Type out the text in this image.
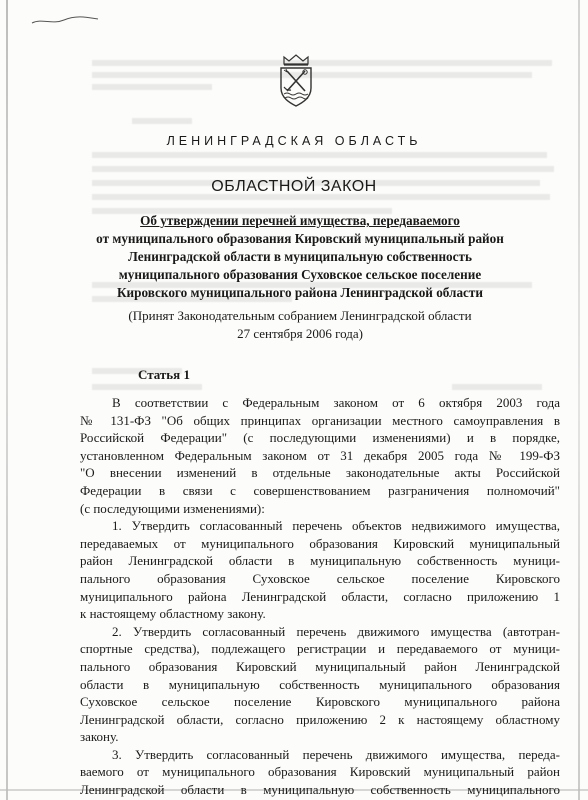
ЛЕНИНГРАДСКАЯ ОБЛАСТЬ
ОБЛАСТНОЙ ЗАКОН
Об утверждении перечней имущества, передаваемого
от муниципального образования Кировский муниципальный район
Ленинградской области в муниципальную собственность
муниципального образования Суховское сельское поселение
Кировского муниципального района Ленинградской области
(Принят Законодательным собранием Ленинградской области
27 сентября 2006 года)
Статья 1
В соответствии с Федеральным законом от 6 октября 2003 года
№ 131-ФЗ "Об общих принципах организации местного самоуправления в
Российской Федерации" (с последующими изменениями) и в порядке,
установленном Федеральным законом от 31 декабря 2005 года № 199-ФЗ
"О внесении изменений в отдельные законодательные акты Российской
Федерации в связи с совершенствованием разграничения полномочий"
(с последующими изменениями):
1. Утвердить согласованный перечень объектов недвижимого имущества,
передаваемых от муниципального образования Кировский муниципальный
район Ленинградской области в муниципальную собственность муници-
пального образования Суховское сельское поселение Кировского
муниципального района Ленинградской области, согласно приложению 1
к настоящему областному закону.
2. Утвердить согласованный перечень движимого имущества (автотран-
спортные средства), подлежащего регистрации и передаваемого от муници-
пального образования Кировский муниципальный район Ленинградской
области в муниципальную собственность муниципального образования
Суховское сельское поселение Кировского муниципального района
Ленинградской области, согласно приложению 2 к настоящему областному
закону.
3. Утвердить согласованный перечень движимого имущества, переда-
ваемого от муниципального образования Кировский муниципальный район
Ленинградской области в муниципальную собственность муниципального
